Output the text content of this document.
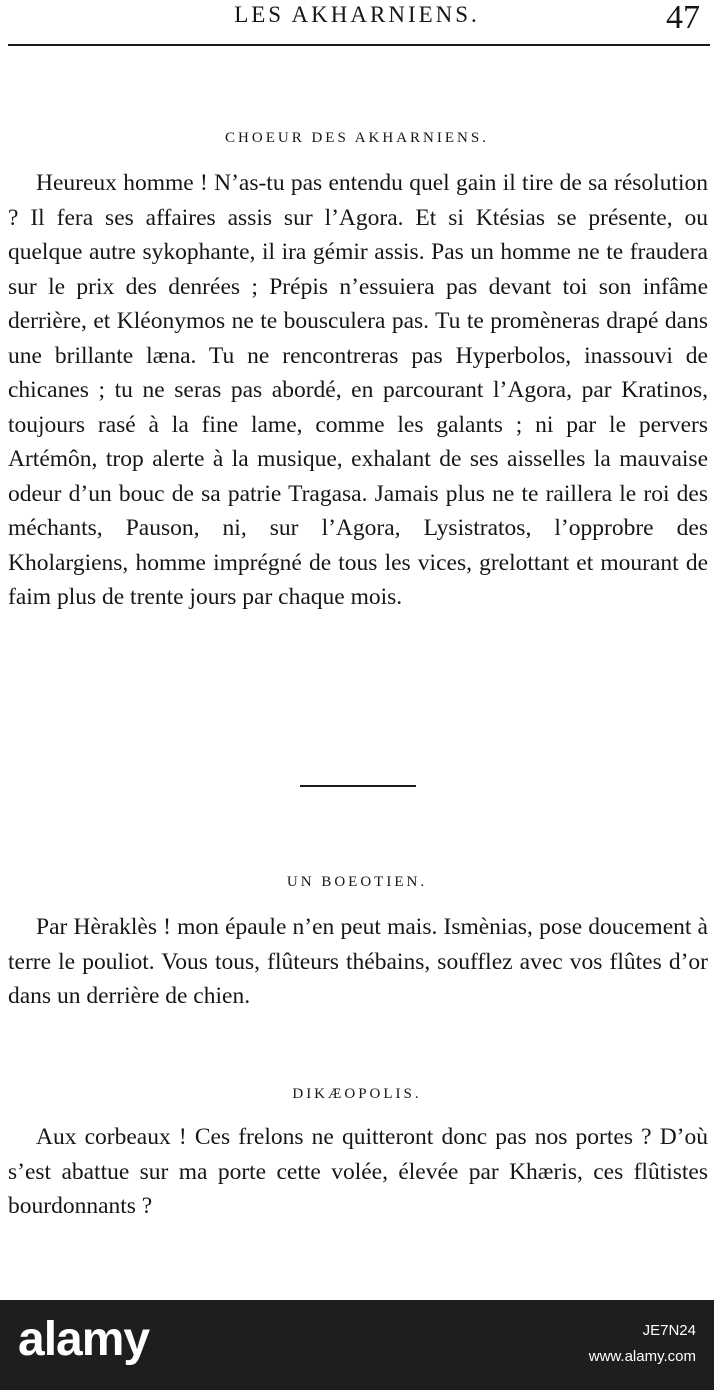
LES AKHARNIENS.	47
CHOEUR DES AKHARNIENS.

Heureux homme ! N’as-tu pas entendu quel gain il tire de sa résolution ? Il fera ses affaires assis sur l’Agora. Et si Ktésias se présente, ou quelque autre sykophante, il ira gémir assis. Pas un homme ne te fraudera sur le prix des denrées ; Prépis n’essuiera pas devant toi son infâme derrière, et Kléonymos ne te bousculera pas. Tu te promèneras drapé dans une brillante læna. Tu ne rencontreras pas Hyperbolos, inassouvi de chicanes ; tu ne seras pas abordé, en parcourant l’Agora, par Kratinos, toujours rasé à la fine lame, comme les galants ; ni par le pervers Artémôn, trop alerte à la musique, exhalant de ses aisselles la mauvaise odeur d’un bouc de sa patrie Tragasa. Jamais plus ne te raillera le roi des méchants, Pauson, ni, sur l’Agora, Lysistratos, l’opprobre des Kholargiens, homme imprégné de tous les vices, grelottant et mourant de faim plus de trente jours par chaque mois.

UN BOEOTIEN.

Par Hèraklès ! mon épaule n’en peut mais. Ismènias, pose doucement à terre le pouliot. Vous tous, flûteurs thébains, soufflez avec vos flûtes d’or dans un derrière de chien.

DIKÆOPOLIS.

Aux corbeaux ! Ces frelons ne quitteront donc pas nos portes ? D’où s’est abattue sur ma porte cette volée, élevée par Khæris, ces flûtistes bourdonnants ?

alamy	JE7N24
www.alamy.com
